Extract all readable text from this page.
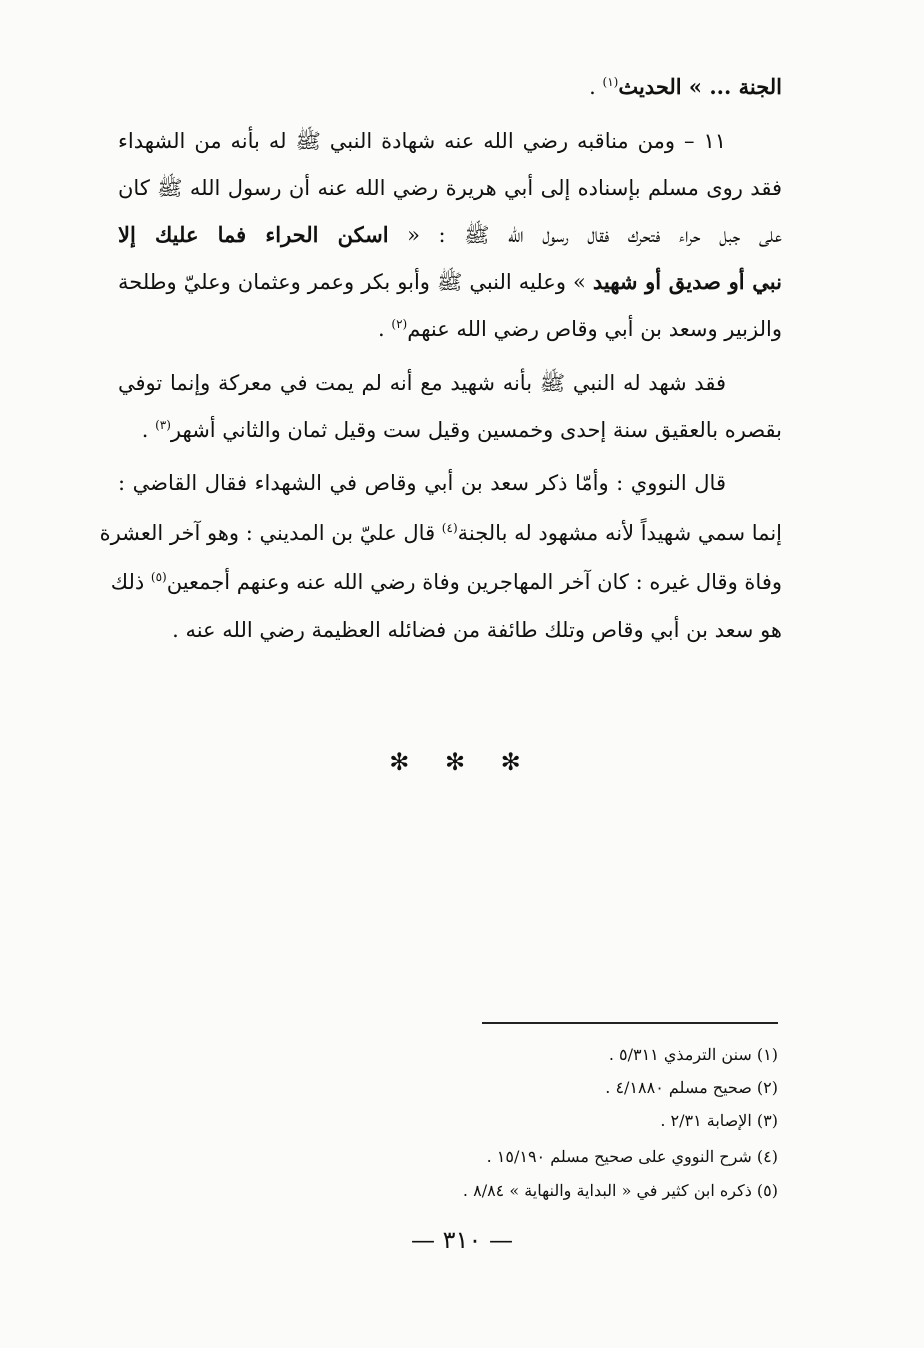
الجنة ... » الحديث$^{(١)}$ .
١١ – ومن مناقبه رضي الله عنه شهادة النبي ﷺ له بأنه من الشهداء
فقد روى مسلم بإسناده إلى أبي هريرة رضي الله عنه أن رسول الله ﷺ كان
على جبل حراء فتحرك فقال رسول الله ﷺ : « اسكن الحراء فما عليك إلا
نبي أو صديق أو شهيد » وعليه النبي ﷺ وأبو بكر وعمر وعثمان وعليّ وطلحة
والزبير وسعد بن أبي وقاص رضي الله عنهم$^{(٢)}$ .
فقد شهد له النبي ﷺ بأنه شهيد مع أنه لم يمت في معركة وإنما توفي
بقصره بالعقيق سنة إحدى وخمسين وقيل ست وقيل ثمان والثاني أشهر$^{(٣)}$ .
قال النووي : وأمّا ذكر سعد بن أبي وقاص في الشهداء فقال القاضي :
إنما سمي شهيداً لأنه مشهود له بالجنة$^{(٤)}$ قال عليّ بن المديني : وهو آخر العشرة
وفاة وقال غيره : كان آخر المهاجرين وفاة رضي الله عنه وعنهم أجمعين$^{(٥)}$ ذلك
هو سعد بن أبي وقاص وتلك طائفة من فضائله العظيمة رضي الله عنه .
✻ ✻ ✻
(١) سنن الترمذي ٥/٣١١ .
(٢) صحيح مسلم ٤/١٨٨٠ .
(٣) الإصابة ٢/٣١ .
(٤) شرح النووي على صحيح مسلم ١٥/١٩٠ .
(٥) ذكره ابن كثير في « البداية والنهاية » ٨/٨٤ .
— ٣١٠ —
